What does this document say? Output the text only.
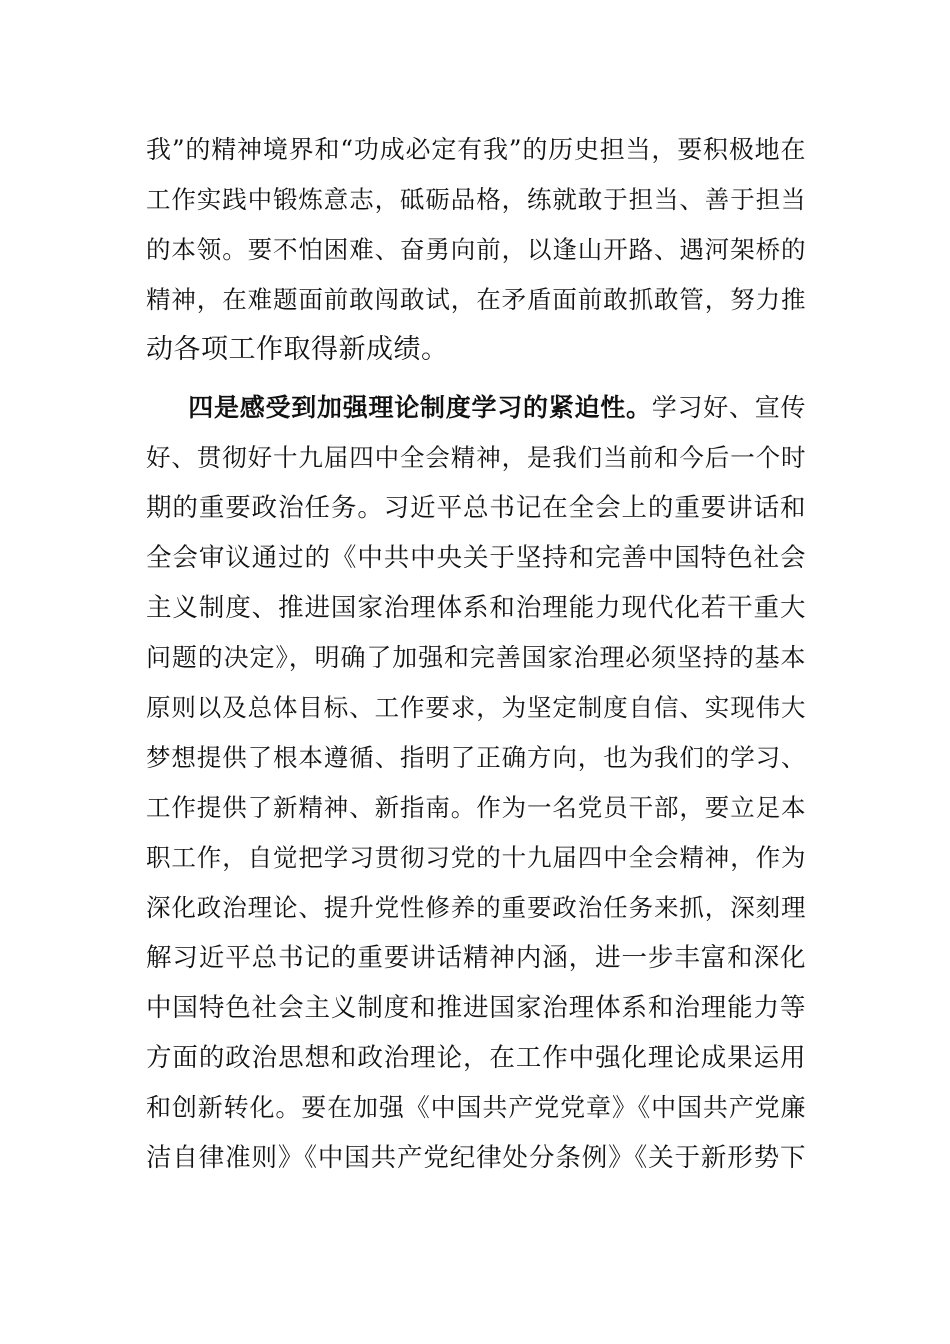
我”的精神境界和“功成必定有我”的历史担当，要积极地在
工作实践中锻炼意志，砥砺品格，练就敢于担当、善于担当
的本领。要不怕困难、奋勇向前，以逢山开路、遇河架桥的
精神，在难题面前敢闯敢试，在矛盾面前敢抓敢管，努力推
动各项工作取得新成绩。
四是感受到加强理论制度学习的紧迫性。学习好、宣传
好、贯彻好十九届四中全会精神，是我们当前和今后一个时
期的重要政治任务。习近平总书记在全会上的重要讲话和
全会审议通过的《中共中央关于坚持和完善中国特色社会
主义制度、推进国家治理体系和治理能力现代化若干重大
问题的决定》，明确了加强和完善国家治理必须坚持的基本
原则以及总体目标、工作要求，为坚定制度自信、实现伟大
梦想提供了根本遵循、指明了正确方向，也为我们的学习、
工作提供了新精神、新指南。作为一名党员干部，要立足本
职工作，自觉把学习贯彻习党的十九届四中全会精神，作为
深化政治理论、提升党性修养的重要政治任务来抓，深刻理
解习近平总书记的重要讲话精神内涵，进一步丰富和深化
中国特色社会主义制度和推进国家治理体系和治理能力等
方面的政治思想和政治理论，在工作中强化理论成果运用
和创新转化。要在加强《中国共产党党章》《中国共产党廉
洁自律准则》《中国共产党纪律处分条例》《关于新形势下
